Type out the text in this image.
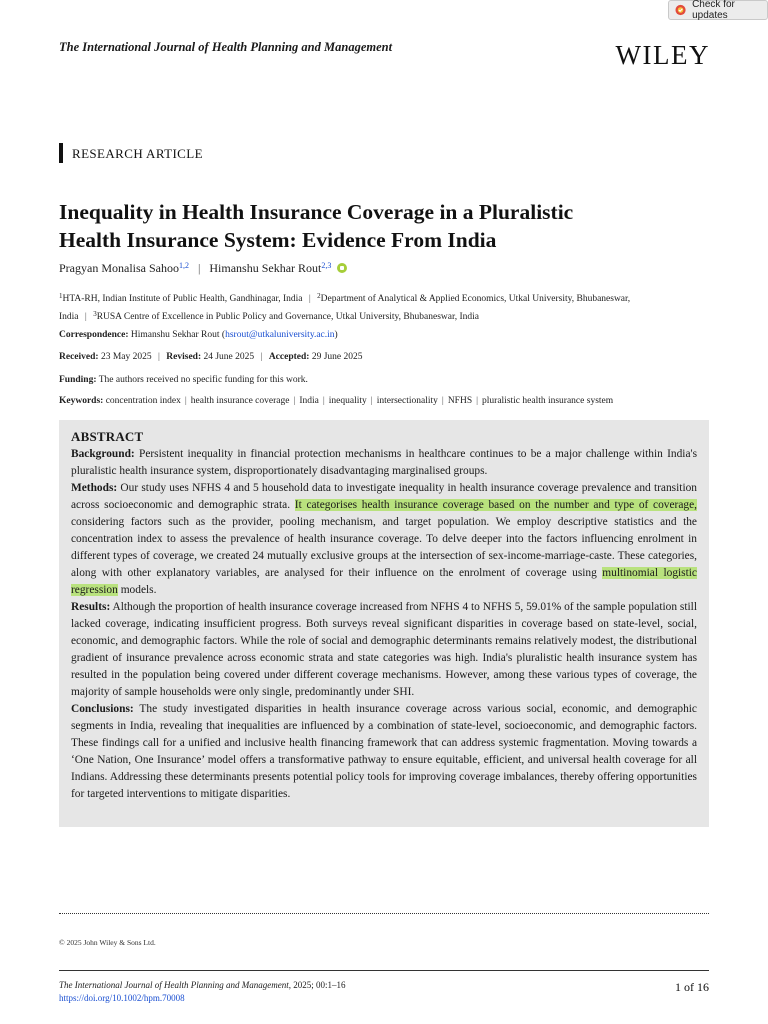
Check for updates
The International Journal of Health Planning and Management	WILEY
RESEARCH ARTICLE
Inequality in Health Insurance Coverage in a Pluralistic
Health Insurance System: Evidence From India
Pragyan Monalisa Sahoo$^{1,2}$ | Himanshu Sekhar Rout$^{2,3}$
$^1$HTA-RH, Indian Institute of Public Health, Gandhinagar, India | $^2$Department of Analytical & Applied Economics, Utkal University, Bhubaneswar,
India | $^3$RUSA Centre of Excellence in Public Policy and Governance, Utkal University, Bhubaneswar, India
Correspondence: Himanshu Sekhar Rout (hsrout@utkaluniversity.ac.in)
Received: 23 May 2025 | Revised: 24 June 2025 | Accepted: 29 June 2025
Funding: The authors received no specific funding for this work.
Keywords: concentration index | health insurance coverage | India | inequality | intersectionality | NFHS | pluralistic health insurance system
ABSTRACT

Background: Persistent inequality in financial protection mechanisms in healthcare continues to be a major challenge within India's pluralistic health insurance system, disproportionately disadvantaging marginalised groups.

Methods: Our study uses NFHS 4 and 5 household data to investigate inequality in health insurance coverage prevalence and transition across socioeconomic and demographic strata. It categorises health insurance coverage based on the number and type of coverage, considering factors such as the provider, pooling mechanism, and target population. We employ descriptive statistics and the concentration index to assess the prevalence of health insurance coverage. To delve deeper into the factors influencing enrolment in different types of coverage, we created 24 mutually exclusive groups at the intersection of sex-income-marriage-caste. These categories, along with other explanatory variables, are analysed for their influence on the enrolment of coverage using multinomial logistic regression models.

Results: Although the proportion of health insurance coverage increased from NFHS 4 to NFHS 5, 59.01% of the sample population still lacked coverage, indicating insufficient progress. Both surveys reveal significant disparities in coverage based on state-level, social, economic, and demographic factors. While the role of social and demographic determinants remains relatively modest, the distributional gradient of insurance prevalence across economic strata and state categories was high. India's pluralistic health insurance system has resulted in the population being covered under different coverage mechanisms. However, among these various types of coverage, the majority of sample households were only single, predominantly under SHI.

Conclusions: The study investigated disparities in health insurance coverage across various social, economic, and demographic segments in India, revealing that inequalities are influenced by a combination of state-level, socioeconomic, and demographic factors. These findings call for a unified and inclusive health financing framework that can address systemic fragmentation. Moving towards a ‘One Nation, One Insurance’ model offers a transformative pathway to ensure equitable, efficient, and universal health coverage for all Indians. Addressing these determinants presents potential policy tools for improving coverage imbalances, thereby offering opportunities for targeted interventions to mitigate disparities.

© 2025 John Wiley & Sons Ltd.
The International Journal of Health Planning and Management, 2025; 00:1–16
https://doi.org/10.1002/hpm.70008
1 of 16
